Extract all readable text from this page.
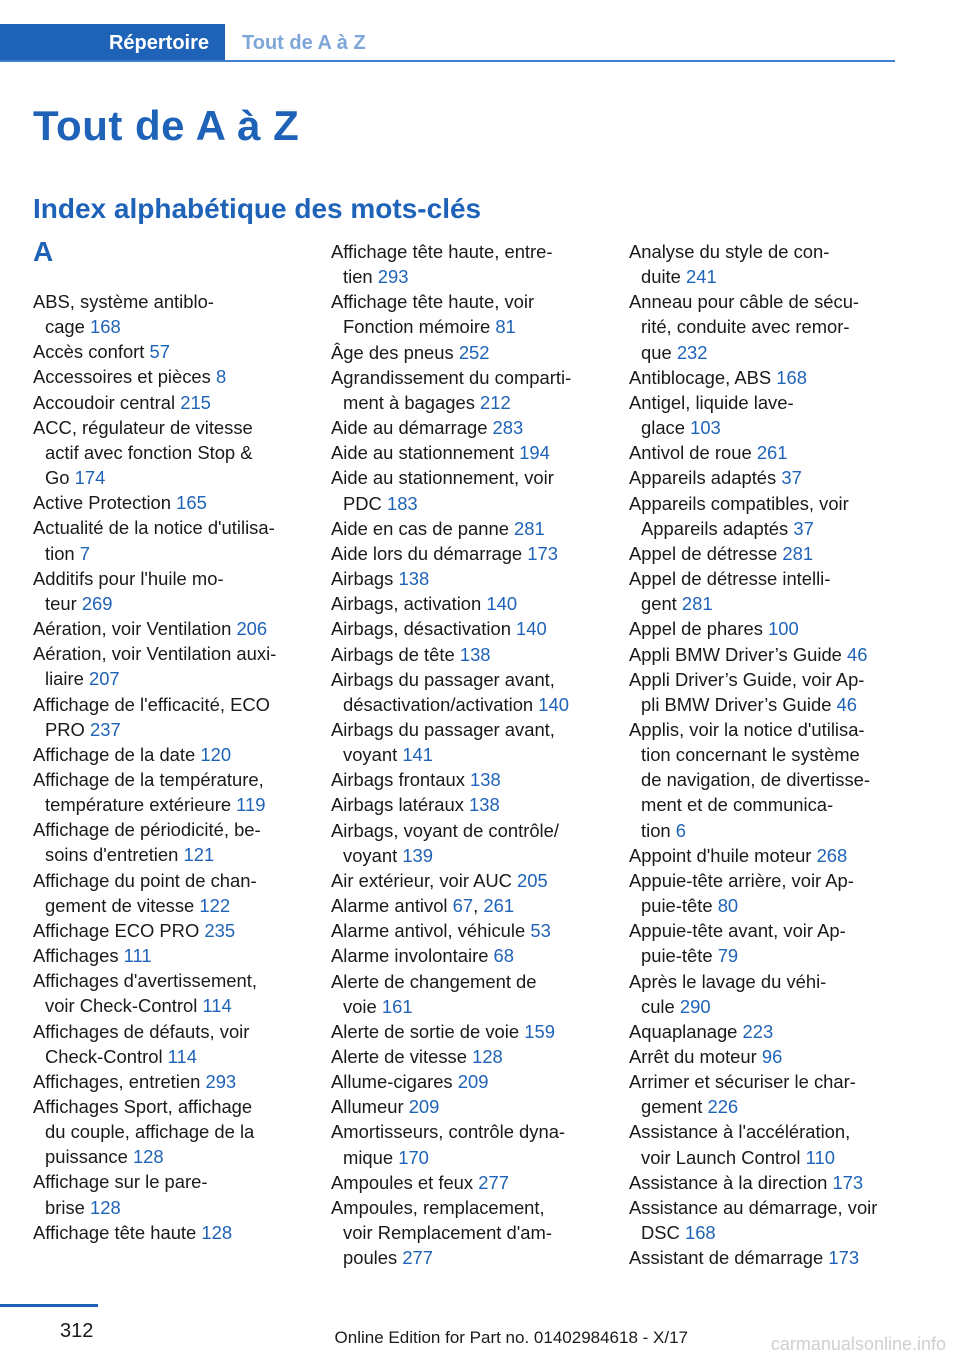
Répertoire	Tout de A à Z
Tout de A à Z
Index alphabétique des mots-clés
A
ABS, système antiblo-
cage 168
Accès confort 57
Accessoires et pièces 8
Accoudoir central 215
ACC, régulateur de vitesse
actif avec fonction Stop &
Go 174
Active Protection 165
Actualité de la notice d'utilisa-
tion 7
Additifs pour l'huile mo-
teur 269
Aération, voir Ventilation 206
Aération, voir Ventilation auxi-
liaire 207
Affichage de l'efficacité, ECO
PRO 237
Affichage de la date 120
Affichage de la température,
température extérieure 119
Affichage de périodicité, be-
soins d'entretien 121
Affichage du point de chan-
gement de vitesse 122
Affichage ECO PRO 235
Affichages 111
Affichages d'avertissement,
voir Check-Control 114
Affichages de défauts, voir
Check-Control 114
Affichages, entretien 293
Affichages Sport, affichage
du couple, affichage de la
puissance 128
Affichage sur le pare-
brise 128
Affichage tête haute 128
Affichage tête haute, entre-
tien 293
Affichage tête haute, voir
Fonction mémoire 81
Âge des pneus 252
Agrandissement du comparti-
ment à bagages 212
Aide au démarrage 283
Aide au stationnement 194
Aide au stationnement, voir
PDC 183
Aide en cas de panne 281
Aide lors du démarrage 173
Airbags 138
Airbags, activation 140
Airbags, désactivation 140
Airbags de tête 138
Airbags du passager avant,
désactivation/activation 140
Airbags du passager avant,
voyant 141
Airbags frontaux 138
Airbags latéraux 138
Airbags, voyant de contrôle/
voyant 139
Air extérieur, voir AUC 205
Alarme antivol 67, 261
Alarme antivol, véhicule 53
Alarme involontaire 68
Alerte de changement de
voie 161
Alerte de sortie de voie 159
Alerte de vitesse 128
Allume-cigares 209
Allumeur 209
Amortisseurs, contrôle dyna-
mique 170
Ampoules et feux 277
Ampoules, remplacement,
voir Remplacement d'am-
poules 277
Analyse du style de con-
duite 241
Anneau pour câble de sécu-
rité, conduite avec remor-
que 232
Antiblocage, ABS 168
Antigel, liquide lave-
glace 103
Antivol de roue 261
Appareils adaptés 37
Appareils compatibles, voir
Appareils adaptés 37
Appel de détresse 281
Appel de détresse intelli-
gent 281
Appel de phares 100
Appli BMW Driver’s Guide 46
Appli Driver’s Guide, voir Ap-
pli BMW Driver’s Guide 46
Applis, voir la notice d'utilisa-
tion concernant le système
de navigation, de divertisse-
ment et de communica-
tion 6
Appoint d'huile moteur 268
Appuie-tête arrière, voir Ap-
puie-tête 80
Appuie-tête avant, voir Ap-
puie-tête 79
Après le lavage du véhi-
cule 290
Aquaplanage 223
Arrêt du moteur 96
Arrimer et sécuriser le char-
gement 226
Assistance à l'accélération,
voir Launch Control 110
Assistance à la direction 173
Assistance au démarrage, voir
DSC 168
Assistant de démarrage 173
312	Online Edition for Part no. 01402984618 - X/17	carmanualsonline.info
